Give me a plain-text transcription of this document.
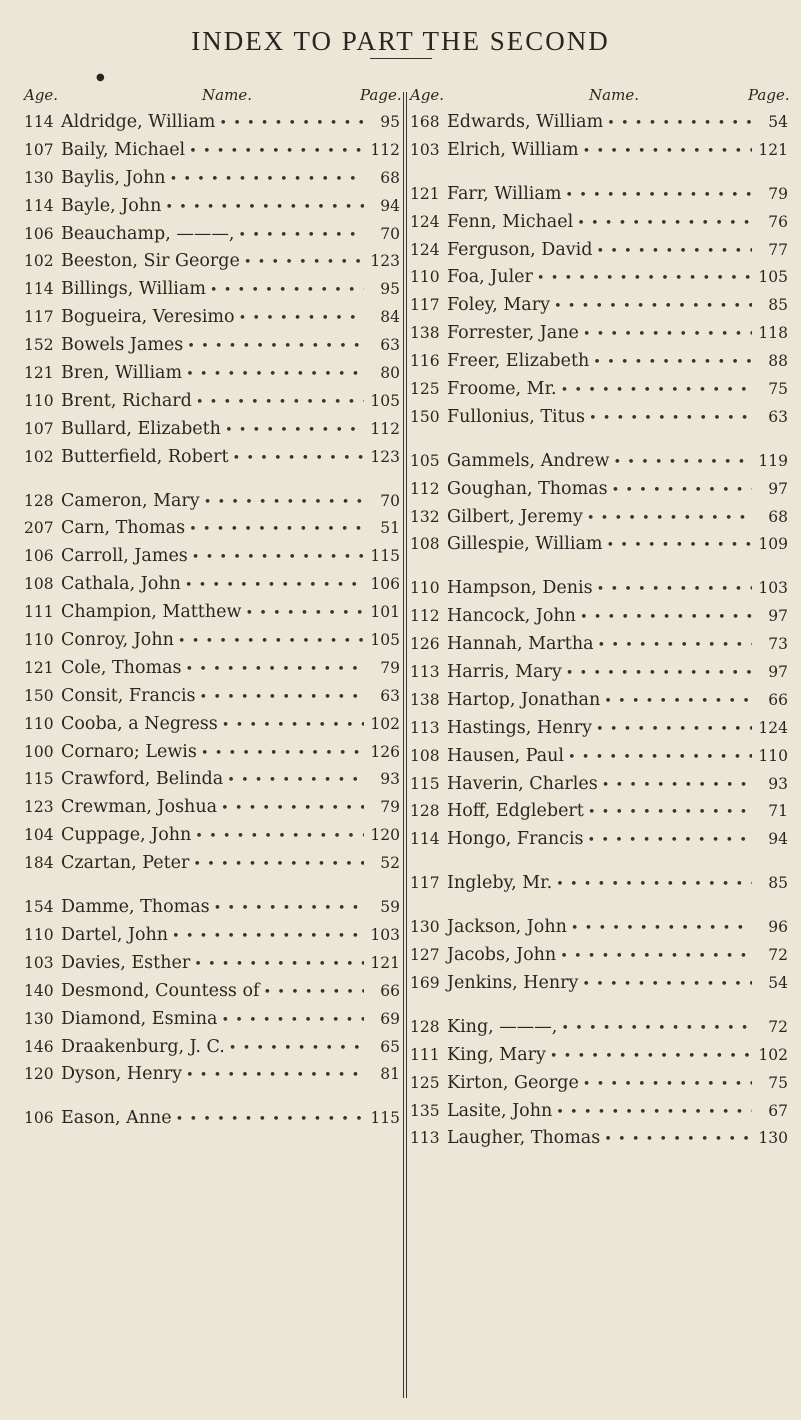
INDEX TO PART THE SECOND
●
Age.	Name.	Page.
114 Aldridge, William • • •	95
107 Baily, Michael • • •	112
130 Baylis, John • • •	68
114 Bayle, John • • •	94
106 Beauchamp, ———, • • •	70
102 Beeston, Sir George • • •	123
114 Billings, William • • •	95
117 Bogueira, Veresimo • • •	84
152 Bowels James • • •	63
121 Bren, William • • •	80
110 Brent, Richard • • •	105
107 Bullard, Elizabeth • • •	112
102 Butterfield, Robert • • •	123
128 Cameron, Mary • • •	70
207 Carn, Thomas • • •	51
106 Carroll, James • • •	115
108 Cathala, John • • •	106
111 Champion, Matthew • • •	101
110 Conroy, John • • •	105
121 Cole, Thomas • • •	79
150 Consit, Francis • • •	63
110 Cooba, a Negress • • •	102
100 Cornaro; Lewis • • •	126
115 Crawford, Belinda • • •	93
123 Crewman, Joshua • • •	79
104 Cuppage, John • • •	120
184 Czartan, Peter • • •	52
154 Damme, Thomas • • •	59
110 Dartel, John • • •	103
103 Davies, Esther • • •	121
140 Desmond, Countess of • • •	66
130 Diamond, Esmina • • •	69
146 Draakenburg, J. C. • • •	65
120 Dyson, Henry • • •	81
106 Eason, Anne • • •	115
Age.	Name.	Page.
168 Edwards, William • • •	54
103 Elrich, William • • •	121
121 Farr, William • • •	79
124 Fenn, Michael • • •	76
124 Ferguson, David • • •	77
110 Foa, Juler • • •	105
117 Foley, Mary • • •	85
138 Forrester, Jane • • •	118
116 Freer, Elizabeth • • •	88
125 Froome, Mr. • • •	75
150 Fullonius, Titus • • •	63
105 Gammels, Andrew • • •	119
112 Goughan, Thomas • • •	97
132 Gilbert, Jeremy • • •	68
108 Gillespie, William • • •	109
110 Hampson, Denis • • •	103
112 Hancock, John • • •	97
126 Hannah, Martha • • •	73
113 Harris, Mary • • •	97
138 Hartop, Jonathan • • •	66
113 Hastings, Henry • • •	124
108 Hausen, Paul • • •	110
115 Haverin, Charles • • •	93
128 Hoff, Edglebert • • •	71
114 Hongo, Francis • • •	94
117 Ingleby, Mr. • • •	85
130 Jackson, John • • •	96
127 Jacobs, John • • •	72
169 Jenkins, Henry • • •	54
128 King, ———, • • •	72
111 King, Mary • • •	102
125 Kirton, George • • •	75
135 Lasite, John • • •	67
113 Laugher, Thomas • • •	130
